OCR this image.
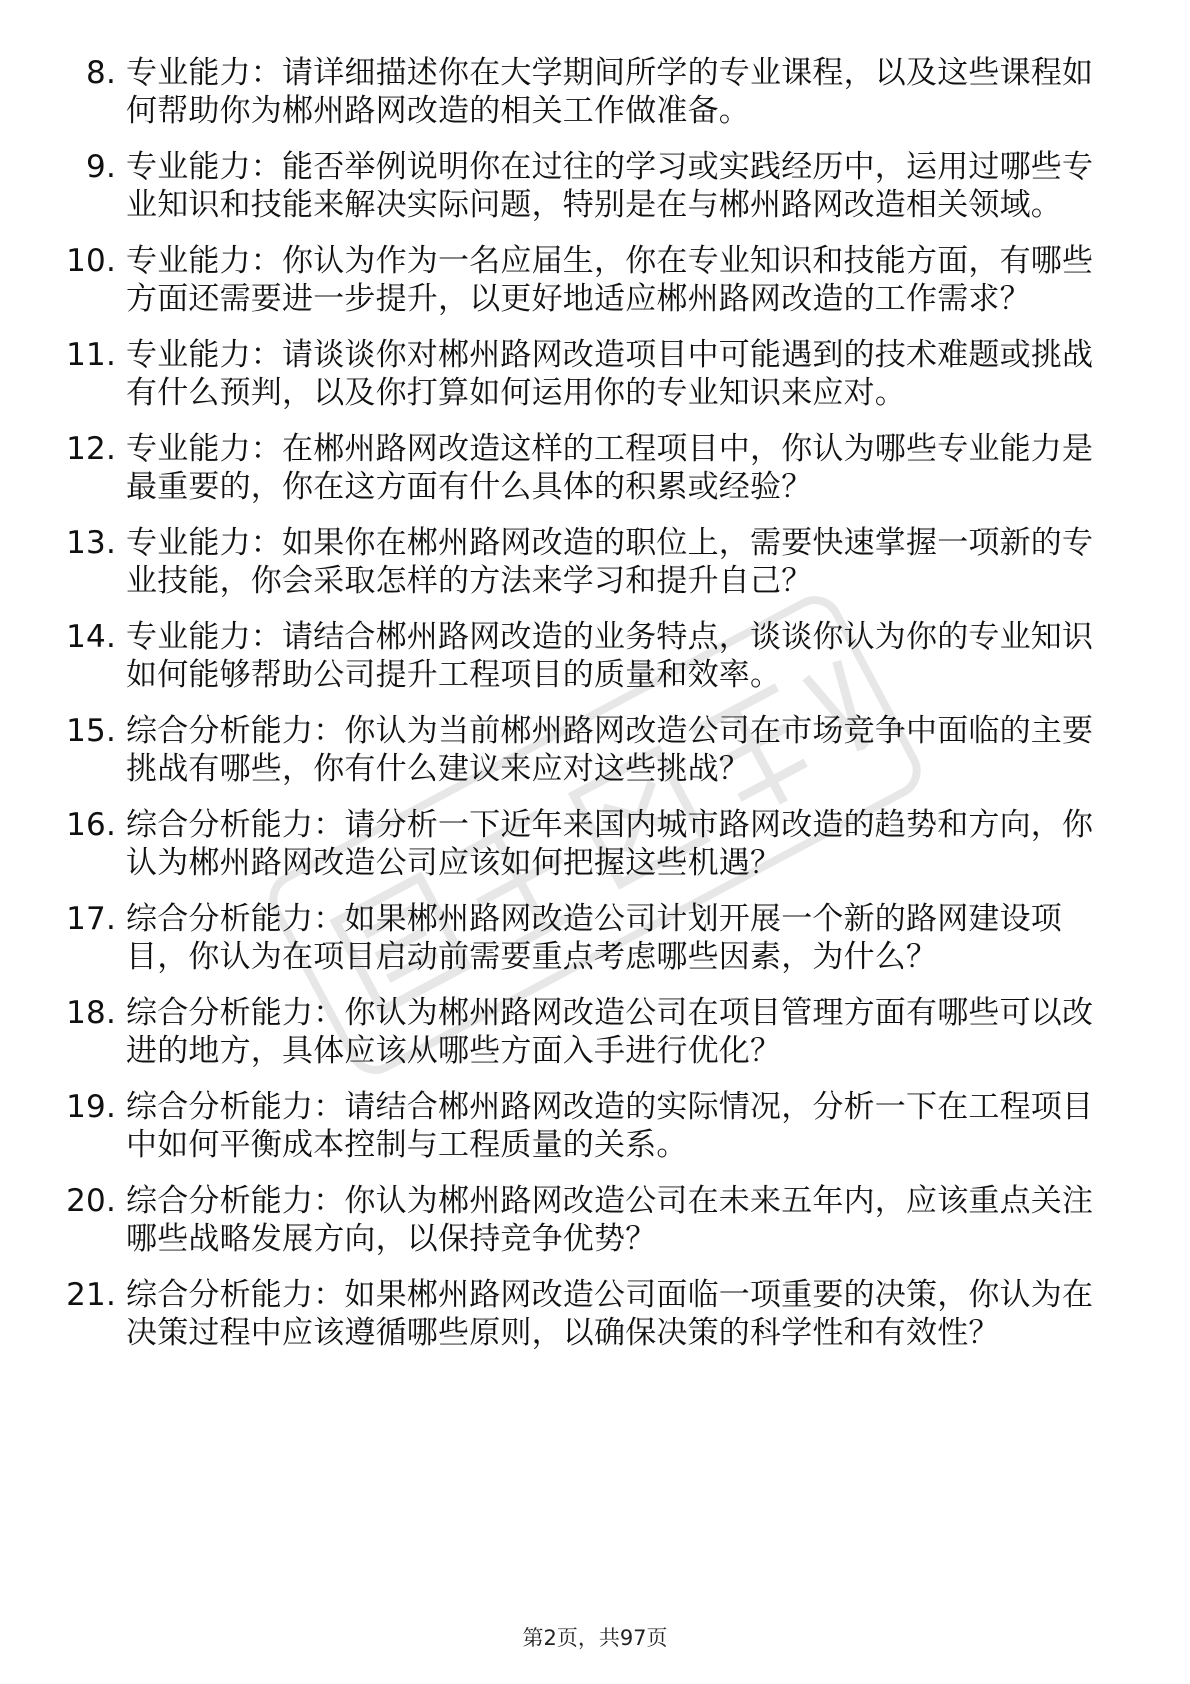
8. 专业能力：请详细描述你在大学期间所学的专业课程，以及这些课程如何帮助你为郴州路网改造的相关工作做准备。
9. 专业能力：能否举例说明你在过往的学习或实践经历中，运用过哪些专业知识和技能来解决实际问题，特别是在与郴州路网改造相关领域。
10. 专业能力：你认为作为一名应届生，你在专业知识和技能方面，有哪些方面还需要进一步提升，以更好地适应郴州路网改造的工作需求？
11. 专业能力：请谈谈你对郴州路网改造项目中可能遇到的技术难题或挑战有什么预判，以及你打算如何运用你的专业知识来应对。
12. 专业能力：在郴州路网改造这样的工程项目中，你认为哪些专业能力是最重要的，你在这方面有什么具体的积累或经验？
13. 专业能力：如果你在郴州路网改造的职位上，需要快速掌握一项新的专业技能，你会采取怎样的方法来学习和提升自己？
14. 专业能力：请结合郴州路网改造的业务特点，谈谈你认为你的专业知识如何能够帮助公司提升工程项目的质量和效率。
15. 综合分析能力：你认为当前郴州路网改造公司在市场竞争中面临的主要挑战有哪些，你有什么建议来应对这些挑战？
16. 综合分析能力：请分析一下近年来国内城市路网改造的趋势和方向，你认为郴州路网改造公司应该如何把握这些机遇？
17. 综合分析能力：如果郴州路网改造公司计划开展一个新的路网建设项目，你认为在项目启动前需要重点考虑哪些因素，为什么？
18. 综合分析能力：你认为郴州路网改造公司在项目管理方面有哪些可以改进的地方，具体应该从哪些方面入手进行优化？
19. 综合分析能力：请结合郴州路网改造的实际情况，分析一下在工程项目中如何平衡成本控制与工程质量的关系。
20. 综合分析能力：你认为郴州路网改造公司在未来五年内，应该重点关注哪些战略发展方向，以保持竞争优势？
21. 综合分析能力：如果郴州路网改造公司面临一项重要的决策，你认为在决策过程中应该遵循哪些原则，以确保决策的科学性和有效性？
第2页，共97页
